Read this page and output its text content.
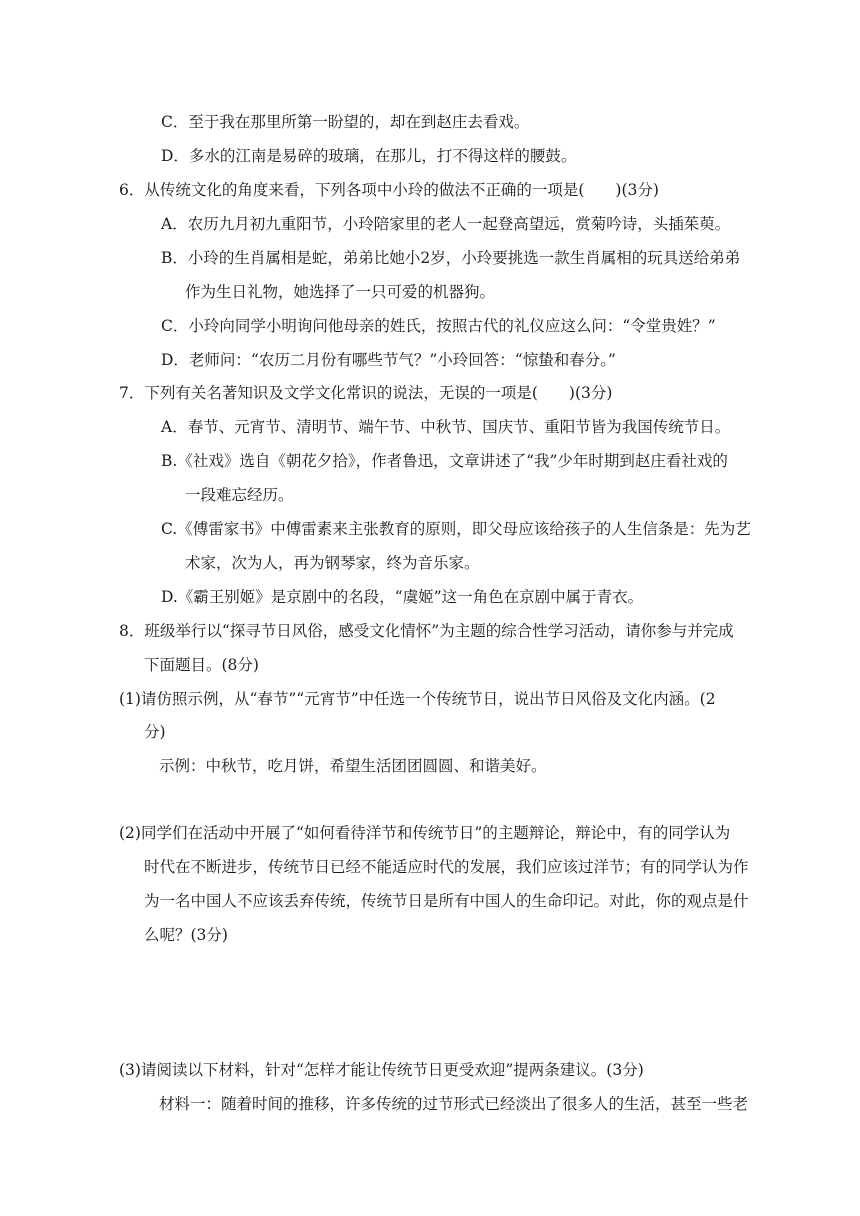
C．至于我在那里所第一盼望的，却在到赵庄去看戏。
D．多水的江南是易碎的玻璃，在那儿，打不得这样的腰鼓。
6．从传统文化的角度来看，下列各项中小玲的做法不正确的一项是(　　)(3分)
A．农历九月初九重阳节，小玲陪家里的老人一起登高望远，赏菊吟诗，头插茱萸。
B．小玲的生肖属相是蛇，弟弟比她小2岁，小玲要挑选一款生肖属相的玩具送给弟弟
作为生日礼物，她选择了一只可爱的机器狗。
C．小玲向同学小明询问他母亲的姓氏，按照古代的礼仪应这么问：“令堂贵姓？”
D．老师问：“农历二月份有哪些节气？”小玲回答：“惊蛰和春分。”
7．下列有关名著知识及文学文化常识的说法，无误的一项是(　　)(3分)
A．春节、元宵节、清明节、端午节、中秋节、国庆节、重阳节皆为我国传统节日。
B.《社戏》选自《朝花夕拾》，作者鲁迅，文章讲述了“我”少年时期到赵庄看社戏的
一段难忘经历。
C.《傅雷家书》中傅雷素来主张教育的原则，即父母应该给孩子的人生信条是：先为艺
术家，次为人，再为钢琴家，终为音乐家。
D.《霸王别姬》是京剧中的名段，“虞姬”这一角色在京剧中属于青衣。
8．班级举行以“探寻节日风俗，感受文化情怀”为主题的综合性学习活动，请你参与并完成
下面题目。(8分)
(1)请仿照示例，从“春节”“元宵节”中任选一个传统节日，说出节日风俗及文化内涵。(2
分)
示例：中秋节，吃月饼，希望生活团团圆圆、和谐美好。
(2)同学们在活动中开展了“如何看待洋节和传统节日”的主题辩论，辩论中，有的同学认为
时代在不断进步，传统节日已经不能适应时代的发展，我们应该过洋节；有的同学认为作
为一名中国人不应该丢弃传统，传统节日是所有中国人的生命印记。对此，你的观点是什
么呢？(3分)
(3)请阅读以下材料，针对“怎样才能让传统节日更受欢迎”提两条建议。(3分)
材料一：随着时间的推移，许多传统的过节形式已经淡出了很多人的生活，甚至一些老
